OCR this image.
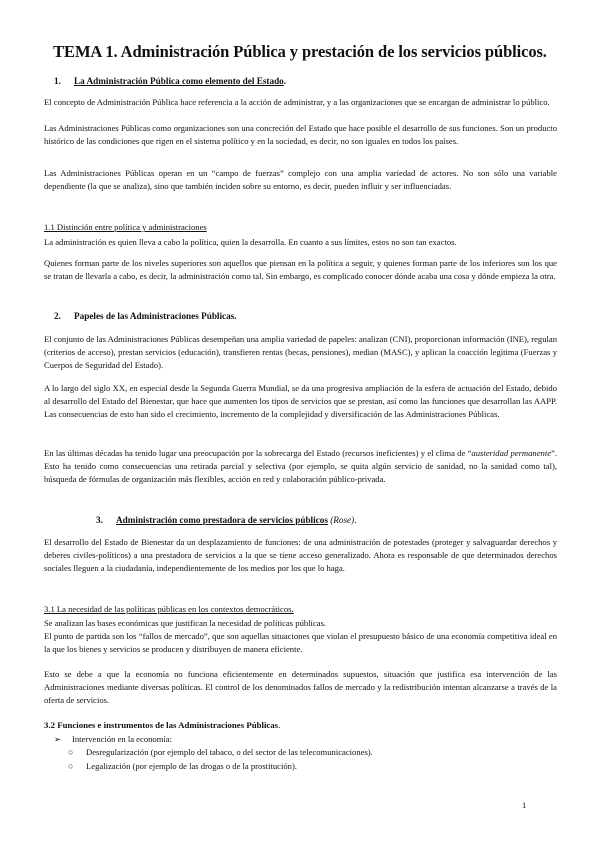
TEMA 1. Administración Pública y prestación de los servicios públicos.
1. La Administración Pública como elemento del Estado.
El concepto de Administración Pública hace referencia a la acción de administrar, y a las organizaciones que se encargan de administrar lo público.
Las Administraciones Públicas como organizaciones son una concreción del Estado que hace posible el desarrollo de sus funciones. Son un producto histórico de las condiciones que rigen en el sistema político y en la sociedad, es decir, no son iguales en todos los países.
Las Administraciones Públicas operan en un “campo de fuerzas” complejo con una amplia variedad de actores. No son sólo una variable dependiente (la que se analiza), sino que también inciden sobre su entorno, es decir, pueden influir y ser influenciadas.
1.1 Distinción entre política y administraciones
La administración es quien lleva a cabo la política, quien la desarrolla. En cuanto a sus límites, estos no son tan exactos.
Quienes forman parte de los niveles superiores son aquellos que piensan en la política a seguir, y quienes forman parte de los inferiores son los que se tratan de llevarla a cabo, es decir, la administración como tal. Sin embargo, es complicado conocer dónde acaba una cosa y dónde empieza la otra.
2. Papeles de las Administraciones Públicas.
El conjunto de las Administraciones Públicas desempeñan una amplia variedad de papeles: analizan (CNI), proporcionan información (INE), regulan (criterios de acceso), prestan servicios (educación), transfieren rentas (becas, pensiones), median (MASC), y aplican la coacción legítima (Fuerzas y Cuerpos de Seguridad del Estado).
A lo largo del siglo XX, en especial desde la Segunda Guerra Mundial, se da una progresiva ampliación de la esfera de actuación del Estado, debido al desarrollo del Estado del Bienestar, que hace que aumenten los tipos de servicios que se prestan, así como las funciones que desarrollan las AAPP. Las consecuencias de esto han sido el crecimiento, incremento de la complejidad y diversificación de las Administraciones Públicas.
En las últimas décadas ha tenido lugar una preocupación por la sobrecarga del Estado (recursos ineficientes) y el clima de “austeridad permanente”. Esto ha tenido como consecuencias una retirada parcial y selectiva (por ejemplo, se quita algún servicio de sanidad, no la sanidad como tal), búsqueda de fórmulas de organización más flexibles, acción en red y colaboración público-privada.
3. Administración como prestadora de servicios públicos (Rose).
El desarrollo del Estado de Bienestar da un desplazamiento de funciones: de una administración de potestades (proteger y salvaguardar derechos y deberes civiles-políticos) a una prestadora de servicios a la que se tiene acceso generalizado. Ahora es responsable de que determinados derechos sociales lleguen a la ciudadanía, independientemente de los medios por los que lo haga.
3.1 La necesidad de las políticas públicas en los contextos democráticos.
Se analizan las bases económicas que justifican la necesidad de políticas públicas.
El punto de partida son los “fallos de mercado”, que son aquellas situaciones que violan el presupuesto básico de una economía competitiva ideal en la que los bienes y servicios se producen y distribuyen de manera eficiente.
Esto se debe a que la economía no funciona eficientemente en determinados supuestos, situación que justifica esa intervención de las Administraciones mediante diversas políticas. El control de los denominados fallos de mercado y la redistribución intentan alcanzarse a través de la oferta de servicios.
3.2 Funciones e instrumentos de las Administraciones Públicas.
➢ Intervención en la economía:
○ Desregularización (por ejemplo del tabaco, o del sector de las telecomunicaciones).
○ Legalización (por ejemplo de las drogas o de la prostitución).
1
